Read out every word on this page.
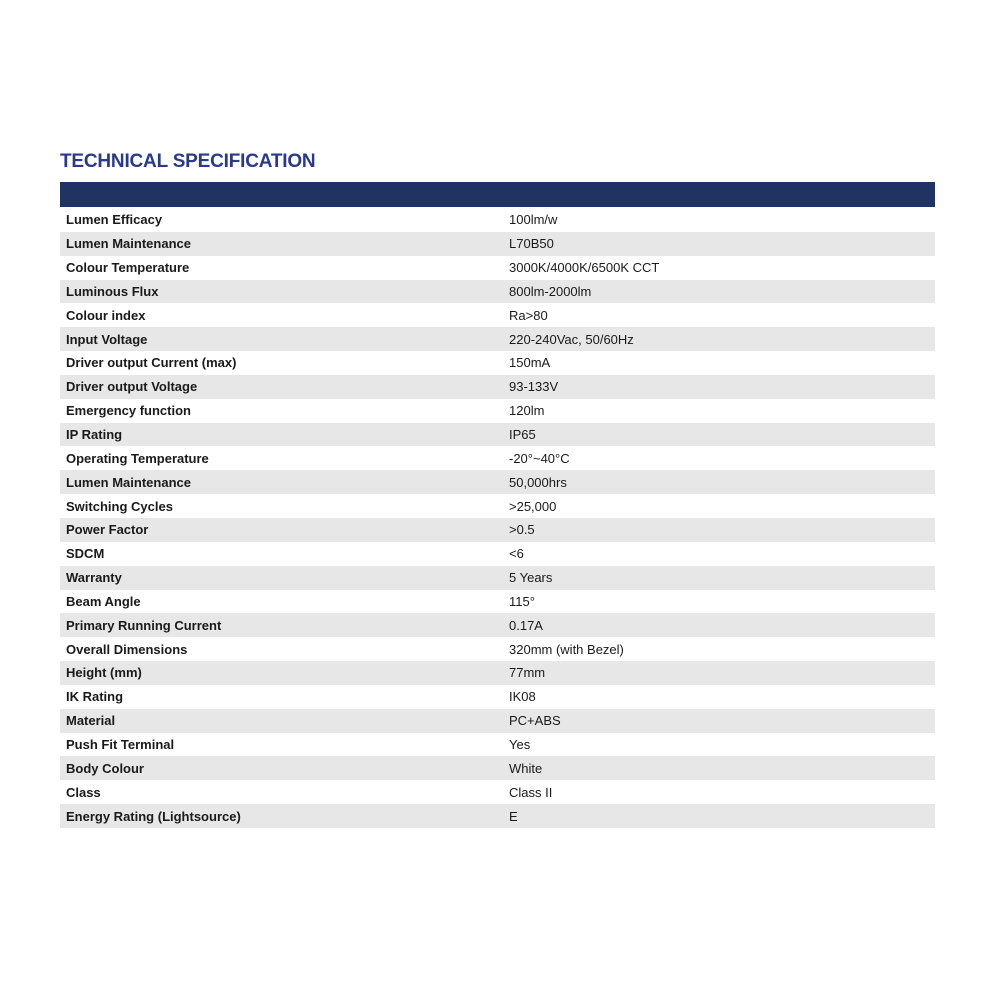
TECHNICAL SPECIFICATION
Lumen Efficacy	100lm/w
Lumen Maintenance	L70B50
Colour Temperature	3000K/4000K/6500K CCT
Luminous Flux	800lm-2000lm
Colour index	Ra>80
Input Voltage	220-240Vac, 50/60Hz
Driver output Current (max)	150mA
Driver output Voltage	93-133V
Emergency function	120lm
IP Rating	IP65
Operating Temperature	-20°~40°C
Lumen Maintenance	50,000hrs
Switching Cycles	>25,000
Power Factor	>0.5
SDCM	<6
Warranty	5 Years
Beam Angle	115°
Primary Running Current	0.17A
Overall Dimensions	320mm (with Bezel)
Height (mm)	77mm
IK Rating	IK08
Material	PC+ABS
Push Fit Terminal	Yes
Body Colour	White
Class	Class II
Energy Rating (Lightsource)	E
